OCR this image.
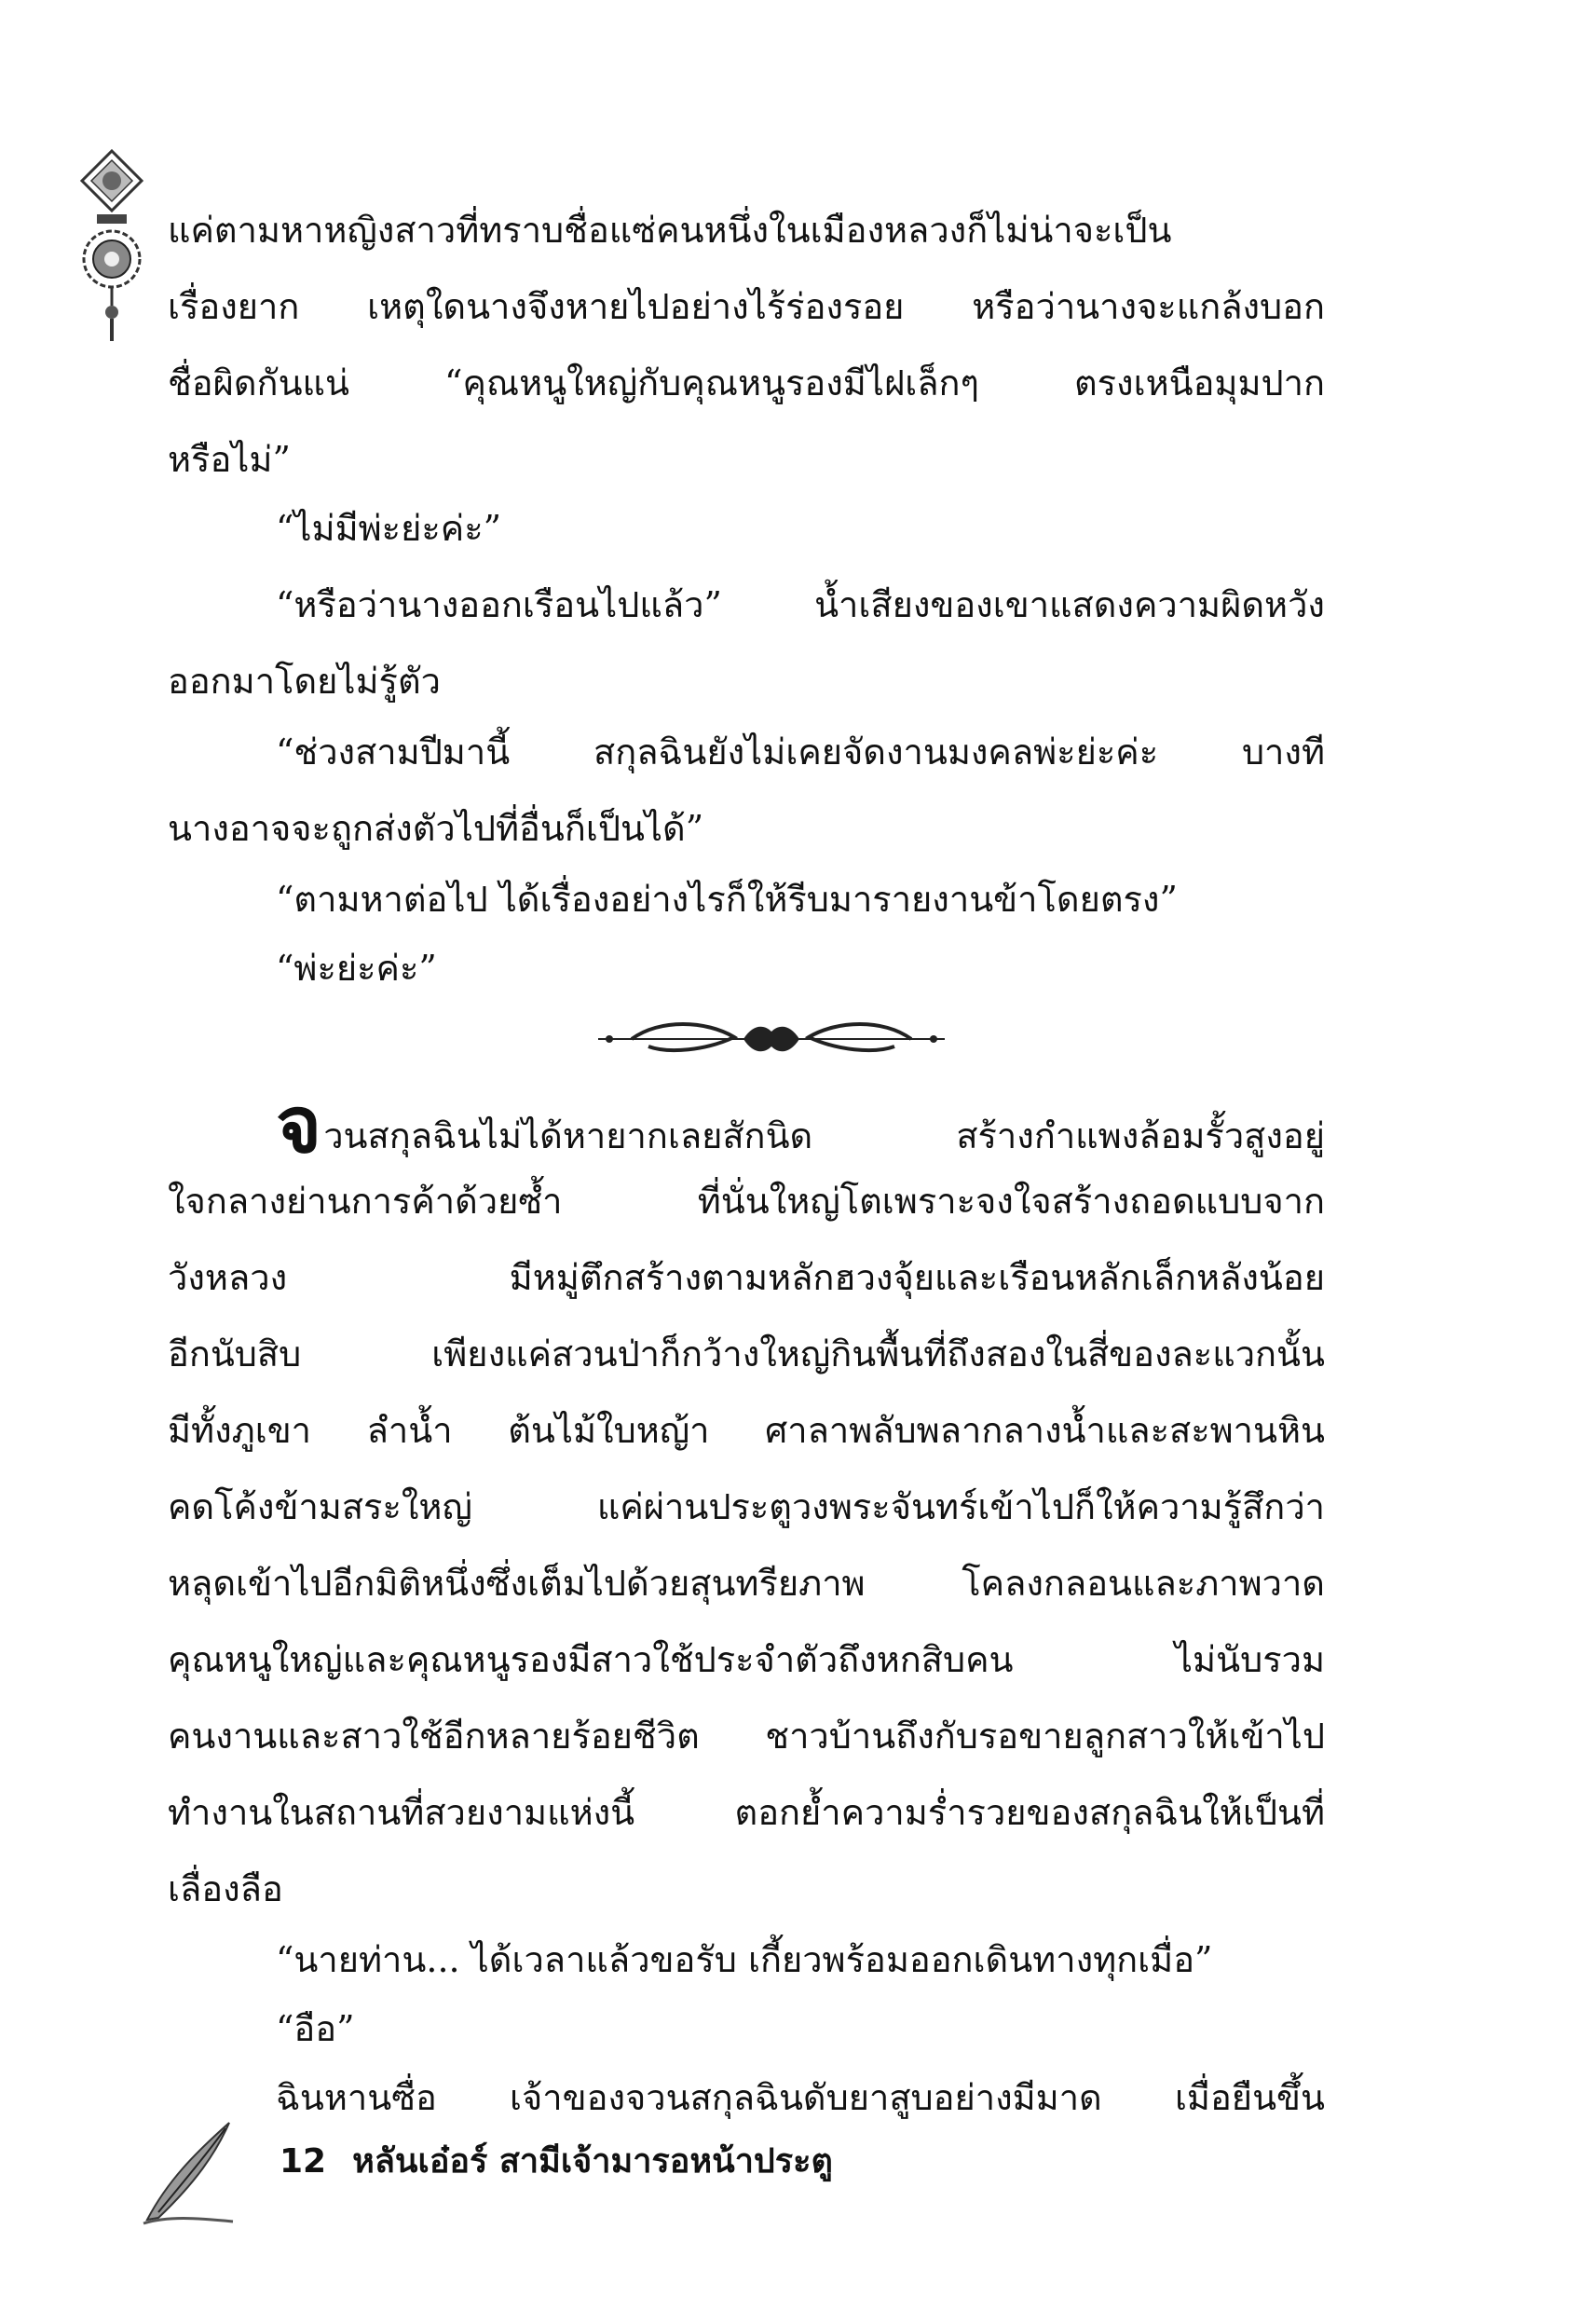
แค่ตามหาหญิงสาวที่ทราบชื่อแซ่คนหนึ่งในเมืองหลวงก็ไม่น่าจะเป็น
เรื่องยาก เหตุใดนางจึงหายไปอย่างไร้ร่องรอย หรือว่านางจะแกล้งบอก
ชื่อผิดกันแน่ “คุณหนูใหญ่กับคุณหนูรองมีไฝเล็กๆ ตรงเหนือมุมปาก
หรือไม่”
“ไม่มีพ่ะย่ะค่ะ”
“หรือว่านางออกเรือนไปแล้ว” น้ำเสียงของเขาแสดงความผิดหวัง
ออกมาโดยไม่รู้ตัว
“ช่วงสามปีมานี้ สกุลฉินยังไม่เคยจัดงานมงคลพ่ะย่ะค่ะ บางที
นางอาจจะถูกส่งตัวไปที่อื่นก็เป็นได้”
“ตามหาต่อไป ได้เรื่องอย่างไรก็ให้รีบมารายงานข้าโดยตรง”
“พ่ะย่ะค่ะ”
จวนสกุลฉินไม่ได้หายากเลยสักนิด สร้างกำแพงล้อมรั้วสูงอยู่
ใจกลางย่านการค้าด้วยซ้ำ ที่นั่นใหญ่โตเพราะจงใจสร้างถอดแบบจาก
วังหลวง มีหมู่ตึกสร้างตามหลักฮวงจุ้ยและเรือนหลักเล็กหลังน้อย
อีกนับสิบ เพียงแค่สวนป่าก็กว้างใหญ่กินพื้นที่ถึงสองในสี่ของละแวกนั้น
มีทั้งภูเขา ลำน้ำ ต้นไม้ใบหญ้า ศาลาพลับพลากลางน้ำและสะพานหิน
คดโค้งข้ามสระใหญ่ แค่ผ่านประตูวงพระจันทร์เข้าไปก็ให้ความรู้สึกว่า
หลุดเข้าไปอีกมิติหนึ่งซึ่งเต็มไปด้วยสุนทรียภาพ โคลงกลอนและภาพวาด
คุณหนูใหญ่และคุณหนูรองมีสาวใช้ประจำตัวถึงหกสิบคน ไม่นับรวม
คนงานและสาวใช้อีกหลายร้อยชีวิต ชาวบ้านถึงกับรอขายลูกสาวให้เข้าไป
ทำงานในสถานที่สวยงามแห่งนี้ ตอกย้ำความร่ำรวยของสกุลฉินให้เป็นที่
เลื่องลือ
“นายท่าน... ได้เวลาแล้วขอรับ เกี้ยวพร้อมออกเดินทางทุกเมื่อ”
“อือ”
ฉินหานซื่อ เจ้าของจวนสกุลฉินดับยาสูบอย่างมีมาด เมื่อยืนขึ้น
12 หลันเอ๋อร์ สามีเจ้ามารอหน้าประตู
